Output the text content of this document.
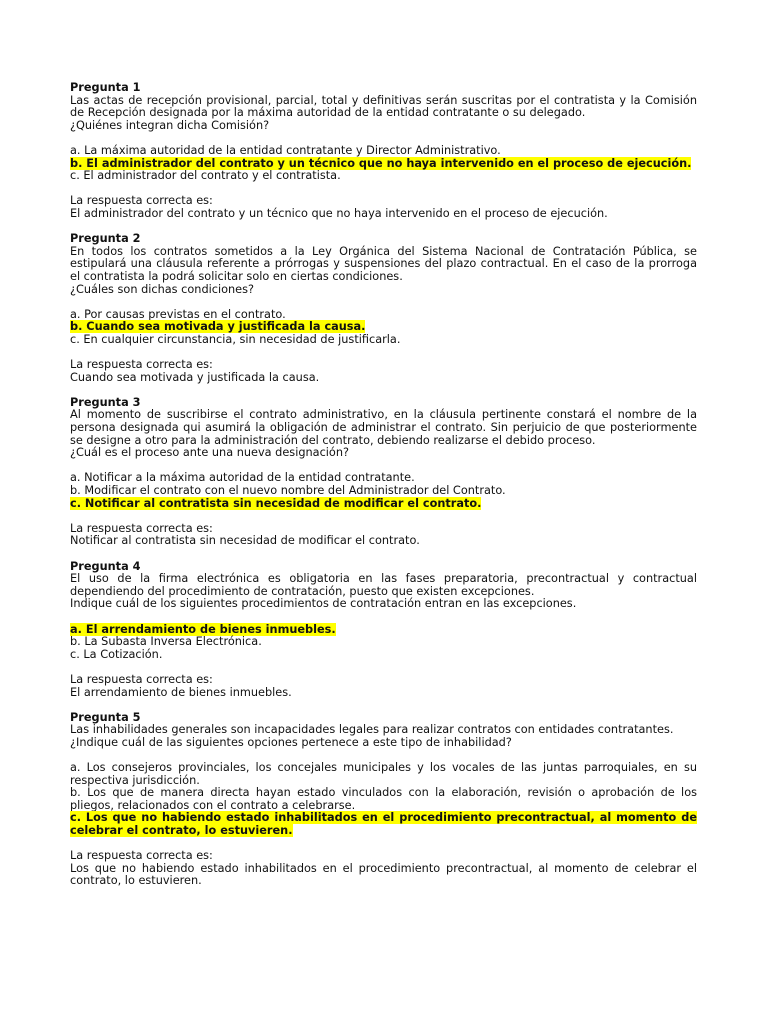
Pregunta 1
Las actas de recepción provisional, parcial, total y definitivas serán suscritas por el contratista y la Comisión de Recepción designada por la máxima autoridad de la entidad contratante o su delegado.
¿Quiénes integran dicha Comisión?
a. La máxima autoridad de la entidad contratante y Director Administrativo.
b. El administrador del contrato y un técnico que no haya intervenido en el proceso de ejecución.
c. El administrador del contrato y el contratista.
La respuesta correcta es:
El administrador del contrato y un técnico que no haya intervenido en el proceso de ejecución.
Pregunta 2
En todos los contratos sometidos a la Ley Orgánica del Sistema Nacional de Contratación Pública, se estipulará una cláusula referente a prórrogas y suspensiones del plazo contractual. En el caso de la prorroga el contratista la podrá solicitar solo en ciertas condiciones.
¿Cuáles son dichas condiciones?
a. Por causas previstas en el contrato.
b. Cuando sea motivada y justificada la causa.
c. En cualquier circunstancia, sin necesidad de justificarla.
La respuesta correcta es:
Cuando sea motivada y justificada la causa.
Pregunta 3
Al momento de suscribirse el contrato administrativo, en la cláusula pertinente constará el nombre de la persona designada qui asumirá la obligación de administrar el contrato. Sin perjuicio de que posteriormente se designe a otro para la administración del contrato, debiendo realizarse el debido proceso.
¿Cuál es el proceso ante una nueva designación?
a. Notificar a la máxima autoridad de la entidad contratante.
b. Modificar el contrato con el nuevo nombre del Administrador del Contrato.
c. Notificar al contratista sin necesidad de modificar el contrato.
La respuesta correcta es:
Notificar al contratista sin necesidad de modificar el contrato.
Pregunta 4
El uso de la firma electrónica es obligatoria en las fases preparatoria, precontractual y contractual dependiendo del procedimiento de contratación, puesto que existen excepciones.
Indique cuál de los siguientes procedimientos de contratación entran en las excepciones.
a. El arrendamiento de bienes inmuebles.
b. La Subasta Inversa Electrónica.
c. La Cotización.
La respuesta correcta es:
El arrendamiento de bienes inmuebles.
Pregunta 5
Las inhabilidades generales son incapacidades legales para realizar contratos con entidades contratantes.
¿Indique cuál de las siguientes opciones pertenece a este tipo de inhabilidad?
a. Los consejeros provinciales, los concejales municipales y los vocales de las juntas parroquiales, en su respectiva jurisdicción.
b. Los que de manera directa hayan estado vinculados con la elaboración, revisión o aprobación de los pliegos, relacionados con el contrato a celebrarse.
c. Los que no habiendo estado inhabilitados en el procedimiento precontractual, al momento de celebrar el contrato, lo estuvieren.
La respuesta correcta es:
Los que no habiendo estado inhabilitados en el procedimiento precontractual, al momento de celebrar el contrato, lo estuvieren.
